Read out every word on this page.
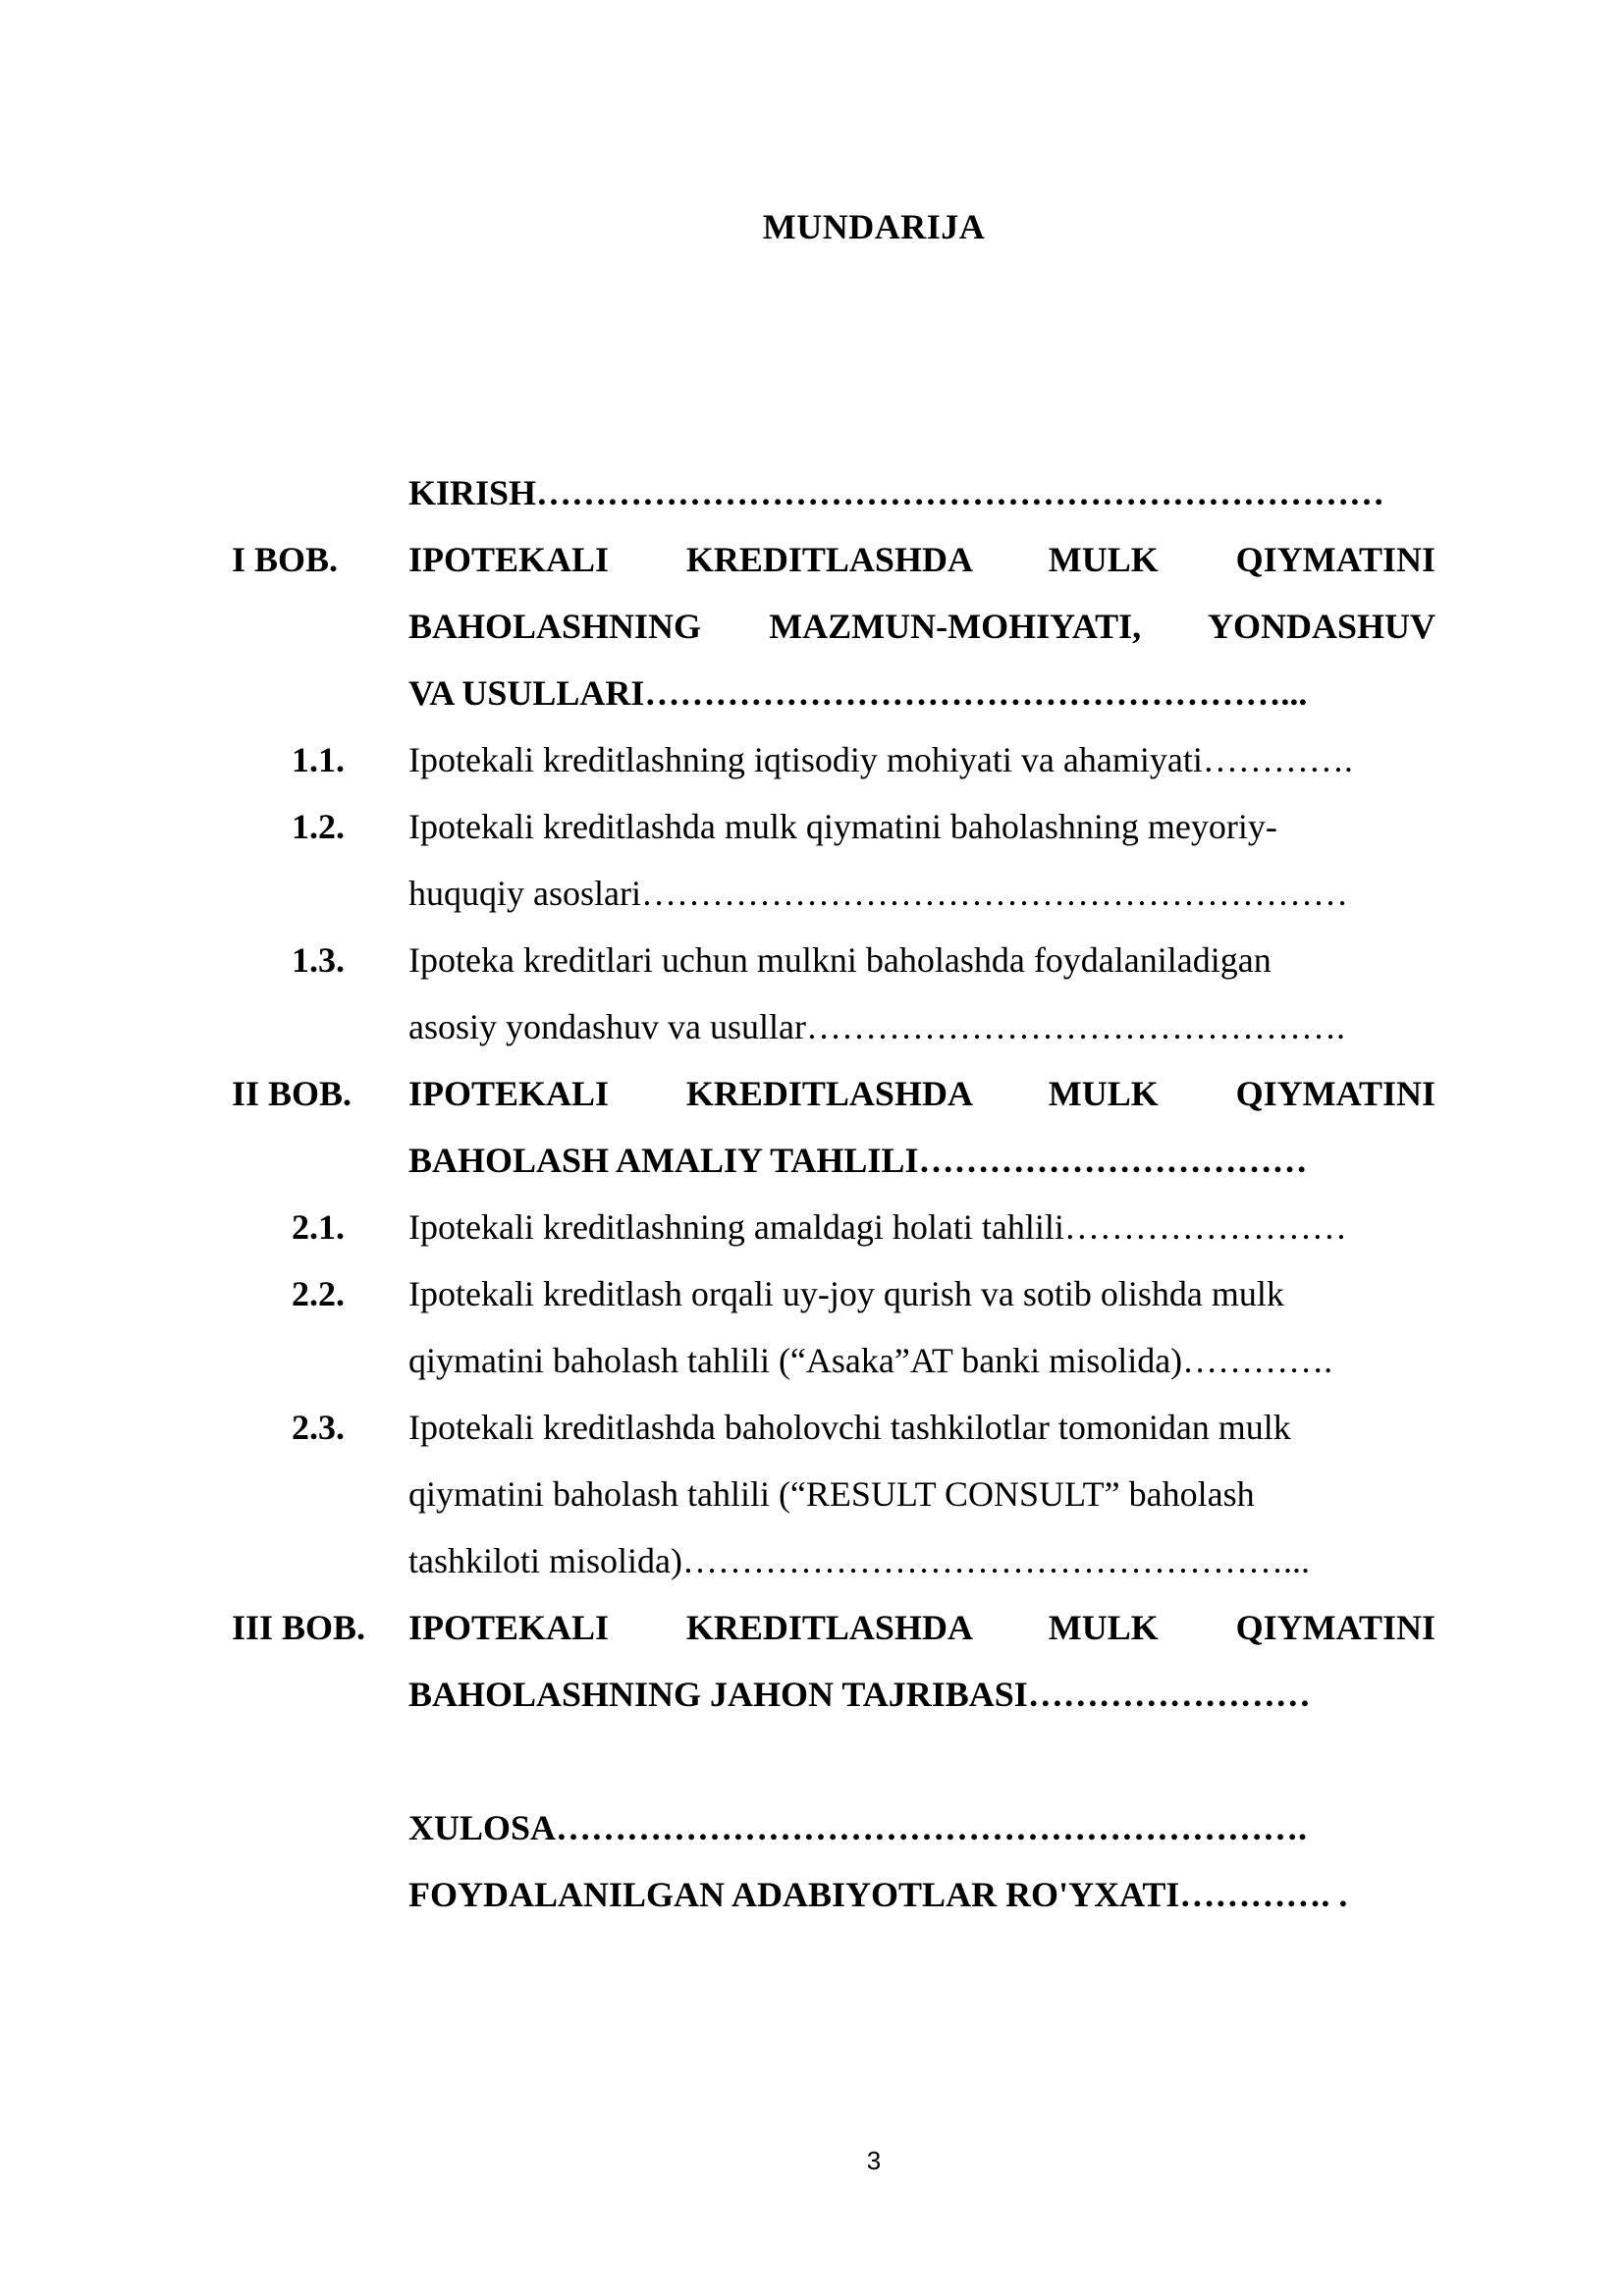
MUNDARIJA
KIRISH………………………………………………………………
I BOB.	IPOTEKALI KREDITLASHDA MULK QIYMATINI
BAHOLASHNING MAZMUN-MOHIYATI, YONDASHUV
VA USULLARI………………………………………………...
1.1.	Ipotekali kreditlashning iqtisodiy mohiyati va ahamiyati………….
1.2.	Ipotekali kreditlashda mulk qiymatini baholashning meyoriy-
huquqiy asoslari……………………………………………………
1.3.	Ipoteka kreditlari uchun mulkni baholashda foydalaniladigan
asosiy yondashuv va usullar……………………………………….
II BOB.	IPOTEKALI KREDITLASHDA MULK QIYMATINI
BAHOLASH AMALIY TAHLILI……………………………
2.1.	Ipotekali kreditlashning amaldagi holati tahlili……………………
2.2.	Ipotekali kreditlash orqali uy-joy qurish va sotib olishda mulk
qiymatini baholash tahlili (“Asaka”AT banki misolida)………….
2.3.	Ipotekali kreditlashda baholovchi tashkilotlar tomonidan mulk
qiymatini baholash tahlili (“RESULT CONSULT” baholash
tashkiloti misolida)……………………………………………...
III BOB.	IPOTEKALI KREDITLASHDA MULK QIYMATINI
BAHOLASHNING JAHON TAJRIBASI……………………
XULOSA……………………………………………………….
FOYDALANILGAN ADABIYOTLAR RO'YXATI…………. .
3
